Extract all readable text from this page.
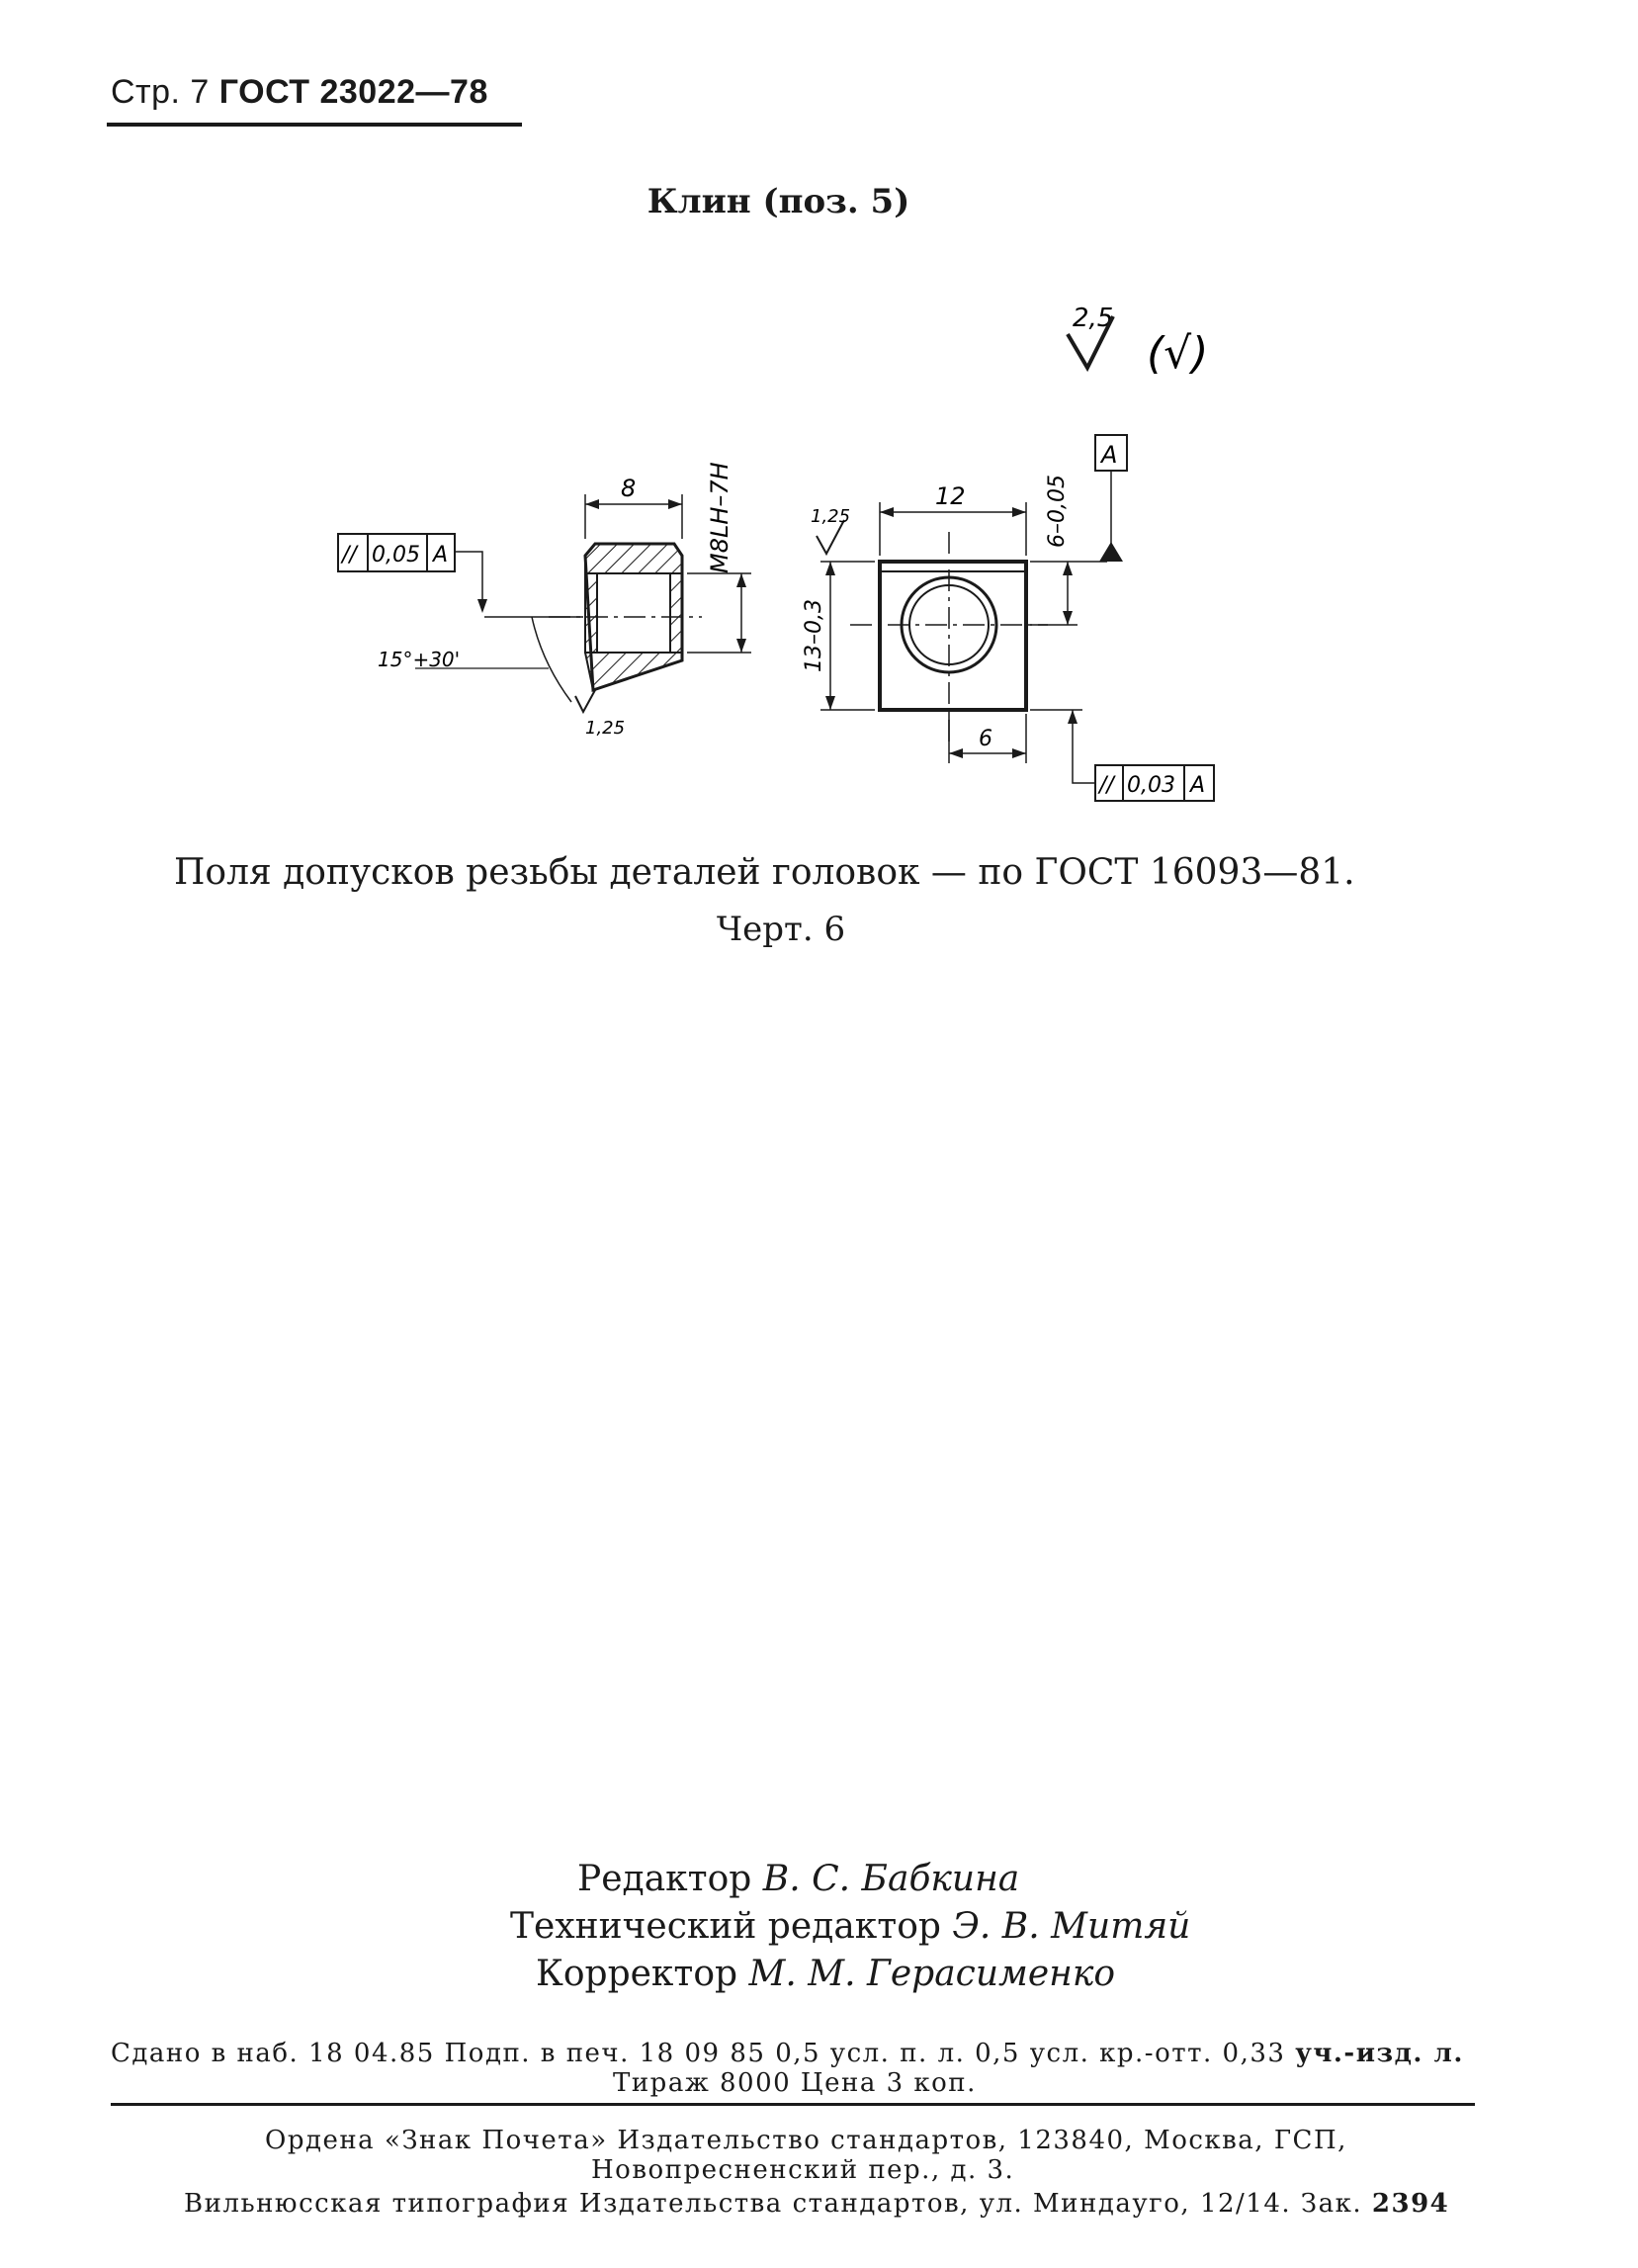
Стр. 7 ГОСТ 23022—78
Клин (поз. 5)
2,5
(√)
8	М8LН–7Н
// 0,05 A
15°+30'
1,25
12
13–0,3
1,25	6–0,05
A
6
// 0,03 A
Поля допусков резьбы деталей головок — по ГОСТ 16093—81.
Черт. 6
Редактор В. С. Бабкина
Технический редактор Э. В. Митяй
Корректор М. М. Герасименко
Сдано в наб. 18 04.85 Подп. в печ. 18 09 85 0,5 усл. п. л. 0,5 усл. кр.-отт. 0,33 уч.-изд. л.
Тираж 8000 Цена 3 коп.
Ордена «Знак Почета» Издательство стандартов, 123840, Москва, ГСП,
Новопресненский пер., д. 3.
Вильнюсская типография Издательства стандартов, ул. Миндауго, 12/14. Зак. 2394
